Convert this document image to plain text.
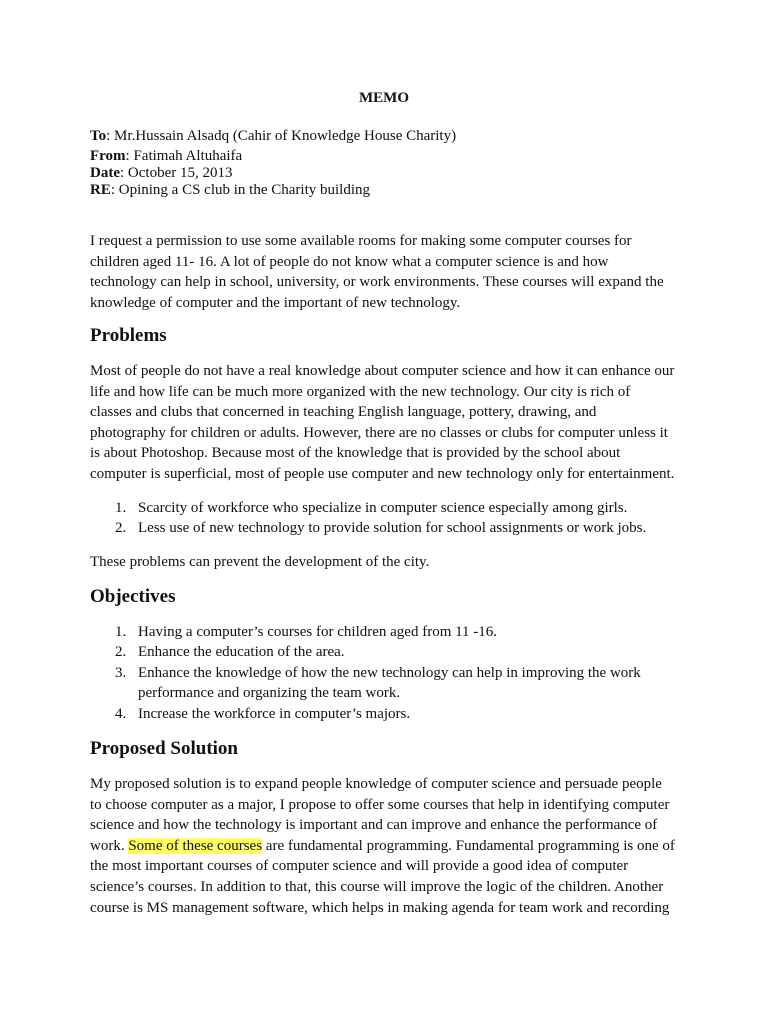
MEMO
To: Mr.Hussain Alsadq (Cahir of Knowledge House Charity)
From: Fatimah Altuhaifa
Date: October 15, 2013
RE: Opining a CS club in the Charity building

I request a permission to use some available rooms for making some computer courses for
children aged 11- 16. A lot of people do not know what a computer science is and how
technology can help in school, university, or work environments. These courses will expand the
knowledge of computer and the important of new technology.

Problems

Most of people do not have a real knowledge about computer science and how it can enhance our
life and how life can be much more organized with the new technology. Our city is rich of
classes and clubs that concerned in teaching English language, pottery, drawing, and
photography for children or adults. However, there are no classes or clubs for computer unless it
is about Photoshop. Because most of the knowledge that is provided by the school about
computer is superficial, most of people use computer and new technology only for entertainment.

1. Scarcity of workforce who specialize in computer science especially among girls.
2. Less use of new technology to provide solution for school assignments or work jobs.

These problems can prevent the development of the city.

Objectives
1. Having a computer’s courses for children aged from 11 -16.
2. Enhance the education of the area.
3. Enhance the knowledge of how the new technology can help in improving the work
performance and organizing the team work.
4. Increase the workforce in computer’s majors.
Proposed Solution

My proposed solution is to expand people knowledge of computer science and persuade people
to choose computer as a major, I propose to offer some courses that help in identifying computer
science and how the technology is important and can improve and enhance the performance of
work. Some of these courses are fundamental programming. Fundamental programming is one of
the most important courses of computer science and will provide a good idea of computer
science’s courses. In addition to that, this course will improve the logic of the children. Another
course is MS management software, which helps in making agenda for team work and recording
